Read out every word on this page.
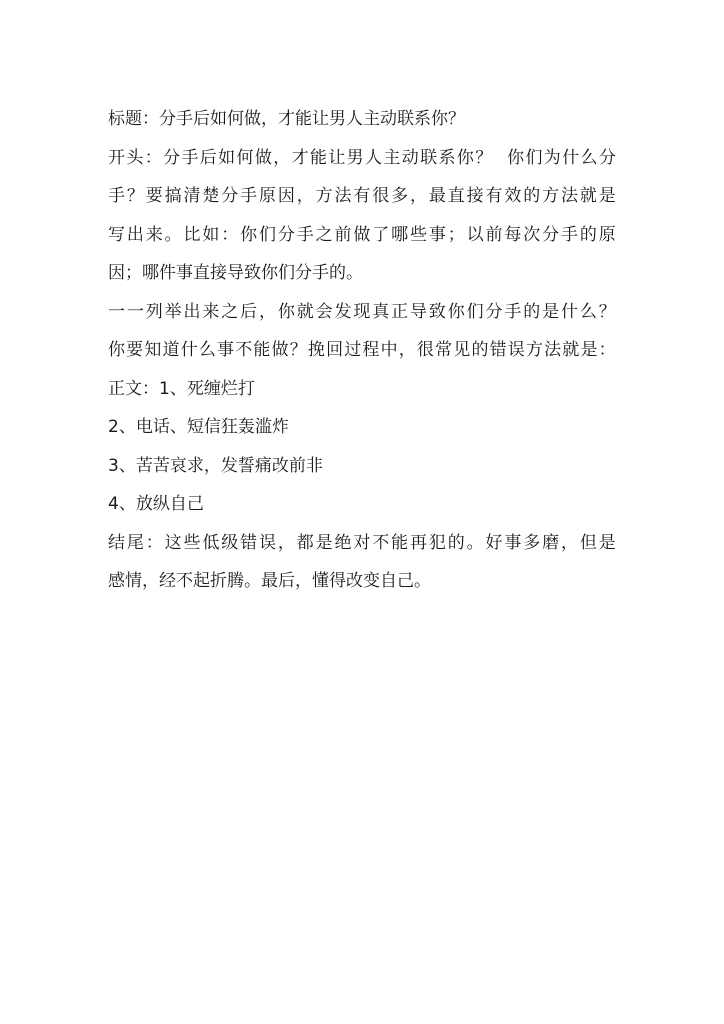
标题：分手后如何做，才能让男人主动联系你？
开 头 ： 分 手 后 如 何 做 ， 才 能 让 男 人 主 动 联 系 你 ？

你 们 为 什 么 分
手 ？ 要 搞 清 楚 分 手 原 因 ， 方 法 有 很 多 ， 最 直 接 有 效 的 方 法 就 是
写 出 来 。 比 如 ： 你 们 分 手 之 前 做 了 哪 些 事 ； 以 前 每 次 分 手 的 原
因；哪件事直接导致你们分手的。
一 一 列 举 出 来 之 后 ， 你 就 会 发 现 真 正 导 致 你 们 分 手 的 是 什 么 ？
你 要 知 道 什 么 事 不 能 做 ？ 挽 回 过 程 中 ， 很 常 见 的 错 误 方 法 就 是 ：
正文：1、死缠烂打
2、电话、短信狂轰滥炸
3、苦苦哀求，发誓痛改前非
4、放纵自己
结 尾 ： 这 些 低 级 错 误 ， 都 是 绝 对 不 能 再 犯 的 。 好 事 多 磨 ， 但 是
感情，经不起折腾。最后，懂得改变自己。
